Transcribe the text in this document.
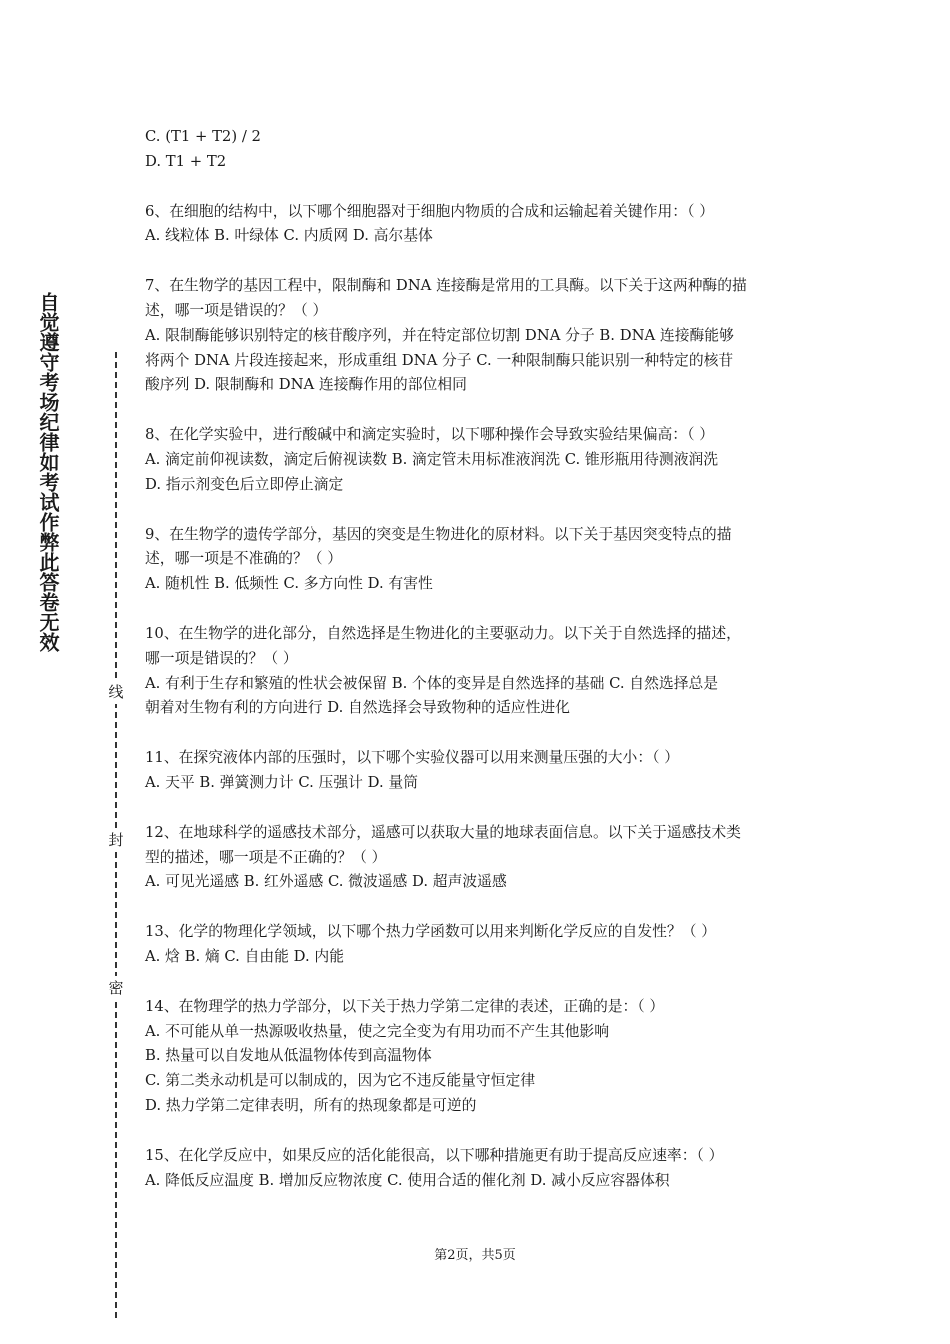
自觉遵守考场纪律如考试作弊此答卷无效
线
封
密
C. (T1 + T2) / 2
D. T1 + T2
6、在细胞的结构中，以下哪个细胞器对于细胞内物质的合成和运输起着关键作用：（ ）
A. 线粒体 B. 叶绿体 C. 内质网 D. 高尔基体
7、在生物学的基因工程中，限制酶和 DNA 连接酶是常用的工具酶。以下关于这两种酶的描
述，哪一项是错误的？（ ）
A. 限制酶能够识别特定的核苷酸序列，并在特定部位切割 DNA 分子 B. DNA 连接酶能够
将两个 DNA 片段连接起来，形成重组 DNA 分子 C. 一种限制酶只能识别一种特定的核苷
酸序列 D. 限制酶和 DNA 连接酶作用的部位相同
8、在化学实验中，进行酸碱中和滴定实验时，以下哪种操作会导致实验结果偏高：（ ）
A. 滴定前仰视读数，滴定后俯视读数 B. 滴定管未用标准液润洗 C. 锥形瓶用待测液润洗
D. 指示剂变色后立即停止滴定
9、在生物学的遗传学部分，基因的突变是生物进化的原材料。以下关于基因突变特点的描
述，哪一项是不准确的？（ ）
A. 随机性 B. 低频性 C. 多方向性 D. 有害性
10、在生物学的进化部分，自然选择是生物进化的主要驱动力。以下关于自然选择的描述，
哪一项是错误的？（ ）
A. 有利于生存和繁殖的性状会被保留 B. 个体的变异是自然选择的基础 C. 自然选择总是
朝着对生物有利的方向进行 D. 自然选择会导致物种的适应性进化
11、在探究液体内部的压强时，以下哪个实验仪器可以用来测量压强的大小：（ ）
A. 天平 B. 弹簧测力计 C. 压强计 D. 量筒
12、在地球科学的遥感技术部分，遥感可以获取大量的地球表面信息。以下关于遥感技术类
型的描述，哪一项是不正确的？（ ）
A. 可见光遥感 B. 红外遥感 C. 微波遥感 D. 超声波遥感
13、化学的物理化学领域，以下哪个热力学函数可以用来判断化学反应的自发性？（ ）
A. 焓 B. 熵 C. 自由能 D. 内能
14、在物理学的热力学部分，以下关于热力学第二定律的表述，正确的是：（ ）
A. 不可能从单一热源吸收热量，使之完全变为有用功而不产生其他影响
B. 热量可以自发地从低温物体传到高温物体
C. 第二类永动机是可以制成的，因为它不违反能量守恒定律
D. 热力学第二定律表明，所有的热现象都是可逆的
15、在化学反应中，如果反应的活化能很高，以下哪种措施更有助于提高反应速率：（ ）
A. 降低反应温度 B. 增加反应物浓度 C. 使用合适的催化剂 D. 减小反应容器体积
第2页，共5页
